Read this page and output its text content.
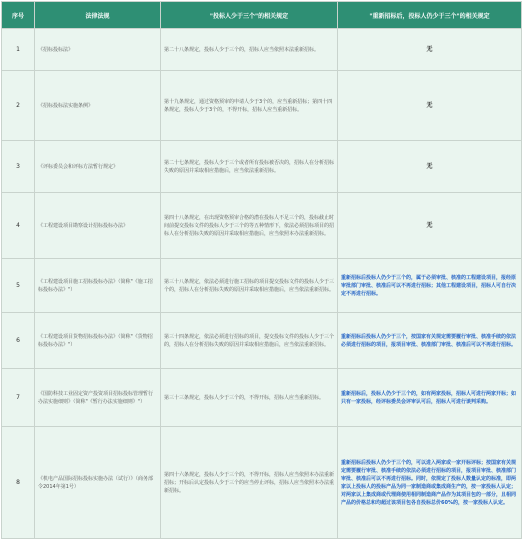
序号	法律法规	"投标人少于三个"的相关规定	"重新招标后，投标人仍少于三个"的相关规定
1	《招标投标法》	第二十八条规定，投标人少于三个的，招标人应当依照本法重新招标。	无
2	《招标投标法实施条例》	第十九条规定，通过资格预审的申请人少于3个的，应当重新招标；第四十四条规定，投标人少于3个的，不得开标，招标人应当重新招标。	无
3	《评标委员会和评标方法暂行规定》	第二十七条规定，投标人少于三个或者所有投标被否决的，招标人在分析招标失败的原因并采取相应措施后，应当依法重新招标。	无
4	《工程建设项目勘察设计招标投标办法》	第四十八条规定，在出现资格预审合格的潜在投标人不足三个的，投标截止时间前提交投标文件的投标人少于三个的等五种情形下，依法必须招标项目的招标人在分析招标失败的原因并采取相应措施后，应当依照本办法重新招标。	无
5	《工程建设项目施工招标投标办法》（简称"《施工招标投标办法》"）	第三十八条规定，依法必须进行施工招标的项目提交投标文件的投标人少于三个的，招标人在分析招标失败的原因并采取相应措施后，应当依法重新招标。	重新招标后投标人仍少于三个的，属于必须审批、核准的工程建设项目，报经原审批部门审批、核准后可以不再进行招标；其他工程建设项目，招标人可自行决定不再进行招标。
6	《工程建设项目货物招标投标办法》（简称"《货物招标投标办法》"）	第三十四条规定，依法必须进行招标的项目，提交投标文件的投标人少于三个的，招标人在分析招标失败的原因并采取相应措施后，应当依法重新招标。	重新招标后投标人仍少于三个，按国家有关规定需要履行审批、核准手续的依法必须进行招标的项目，报项目审批、核准部门审批、核准后可以不再进行招标。
7	《国防科技工业固定资产投资项目招标投标管理暂行办法实施细则》（简称"《暂行办法实施细则》"）	第三十三条规定，投标人少于三个的，不得开标，招标人应当重新招标。	重新招标后，投标人仍少于三个的，如有两家投标，招标人可进行两家开标；如只有一家投标，经评标委员会评审认可后，招标人可进行谈判采购。
8	《机电产品国际招标投标实施办法（试行）》（商务部令2014年第1号）	第四十六条规定，投标人少于三个的，不得开标，招标人应当依照本办法重新招标；开标后认定投标人少于三个的应当停止评标，招标人应当依照本办法重新招标。	重新招标后投标人仍少于三个的，可以进入两家或一家开标评标；按国家有关规定需要履行审批、核准手续的依法必须进行招标的项目，报项目审批、核准部门审批、核准后可以不再进行招标。同时，依规定了投标人数量认定的标准，即两家以上投标人的投标产品为同一家制造商或集成商生产的，按一家投标人认定；对两家以上集成商或代理商使用相同制造商产品作为其项目包的一部分，且相同产品的价格总和均超过该项目包各自投标总价60%的，按一家投标人认定。
